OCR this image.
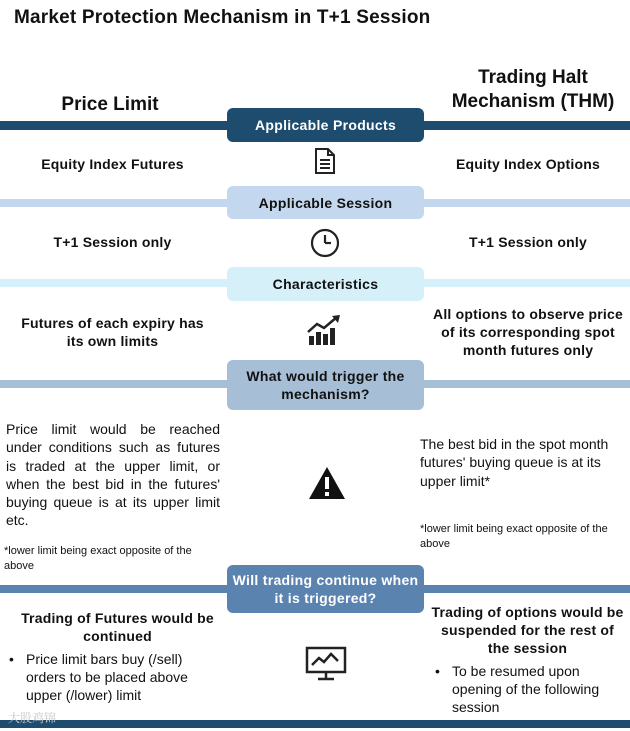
Market Protection Mechanism in T+1 Session
Price Limit
Trading Halt Mechanism (THM)
Applicable Products
Equity Index Futures	Equity Index Options
Applicable Session
T+1 Session only	T+1 Session only
Characteristics
Futures of each expiry has its own limits
All options to observe price of its corresponding spot month futures only
What would trigger the mechanism?
Price limit would be reached under conditions such as futures is traded at the upper limit, or when the best bid in the futures' buying queue is at its upper limit etc.
*lower limit being exact opposite of the above
The best bid in the spot month futures' buying queue is at its upper limit*
*lower limit being exact opposite of the above
Will trading continue when it is triggered?
Trading of Futures would be continued
• Price limit bars buy (/sell) orders to be placed above upper (/lower) limit
Trading of options would be suspended for the rest of the session
• To be resumed upon opening of the following session
大股鸡锦
